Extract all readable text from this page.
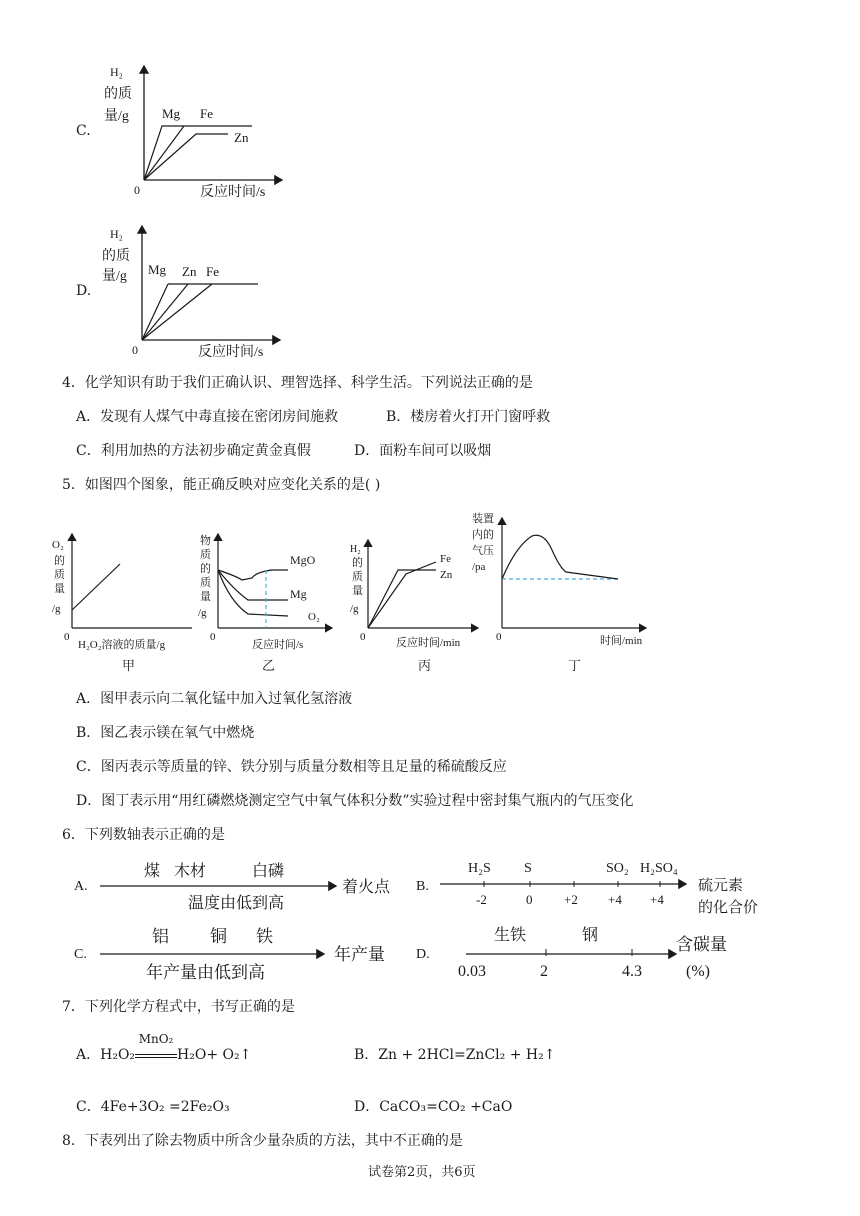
C.
H₂
的质
量/g
0	反应时间/s
Mg Fe
Zn
D.
H₂
的质
量/g
0	反应时间/s
Mg Zn Fe
4．化学知识有助于我们正确认识、理智选择、科学生活。下列说法正确的是
A．发现有人煤气中毒直接在密闭房间施救	B．楼房着火打开门窗呼救
C．利用加热的方法初步确定黄金真假	D．面粉车间可以吸烟
5．如图四个图象，能正确反映对应变化关系的是( )
O₂
的
质
量
/g
0
H₂O₂溶液的质量/g
甲
物
质
的
质
量
/g
0
反应时间/s
MgO
Mg
O₂
乙
H₂
的
质
量
/g
0	反应时间/min
Fe
Zn
丙
装置
内的
气压
/pa
0	时间/min
丁
A．图甲表示向二氧化锰中加入过氧化氢溶液
B．图乙表示镁在氧气中燃烧
C．图丙表示等质量的锌、铁分别与质量分数相等且足量的稀硫酸反应
D．图丁表示用“用红磷燃烧测定空气中氧气体积分数”实验过程中密封集气瓶内的气压变化
6．下列数轴表示正确的是
A.
煤 木材	白磷
温度由低到高
着火点 B.
H₂S S	SO₂ H₂SO₄
-2	0 +2 +4 +4
硫元素
的化合价
C.
铝 铜 铁
年产量由低到高
年产量 D.
生铁	钢
0.03	2	4.3
含碳量
(%)
7．下列化学方程式中，书写正确的是
A．H₂O₂
MnO₂
H₂O+ O₂↑	B．Zn + 2HCl=ZnCl₂ + H₂↑
C．4Fe+3O₂ =2Fe₂O₃	D．CaCO₃=CO₂ +CaO
8．下表列出了除去物质中所含少量杂质的方法，其中不正确的是
试卷第2页，共6页
